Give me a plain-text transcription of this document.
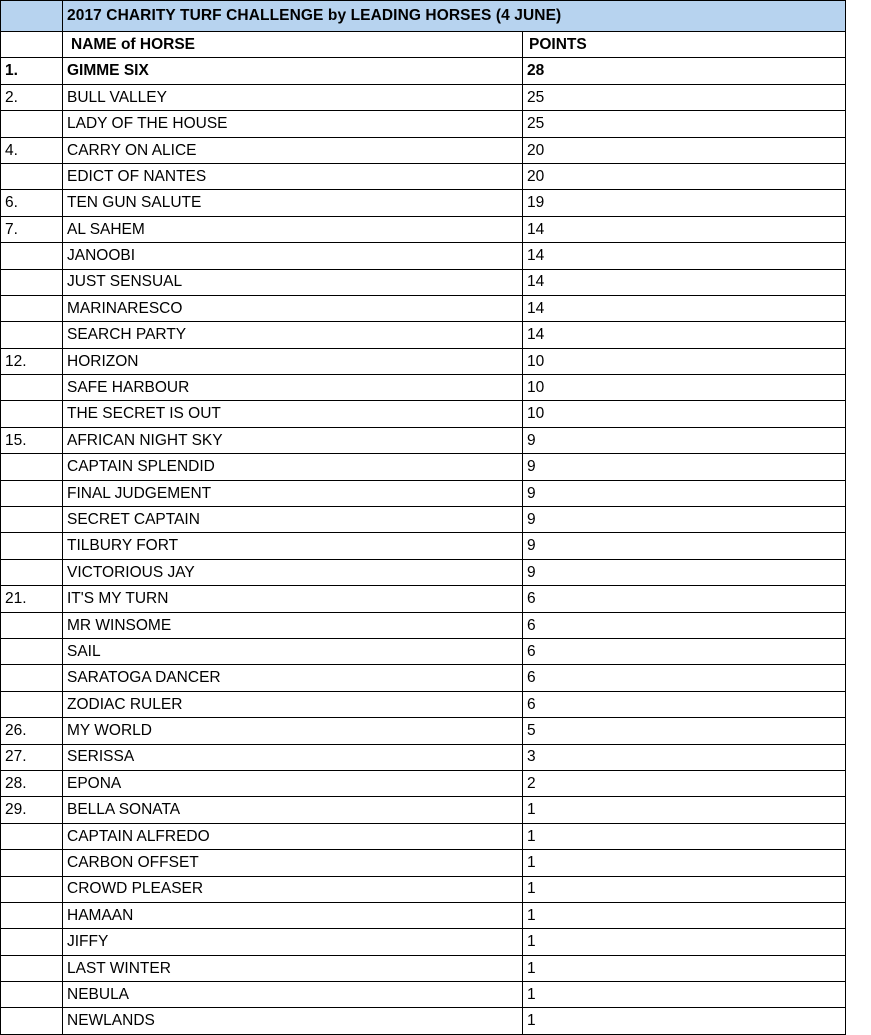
	2017 CHARITY TURF CHALLENGE by LEADING HORSES (4 JUNE)	
	NAME of HORSE	POINTS
1.	GIMME SIX	28
2.	BULL VALLEY	25
	LADY OF THE HOUSE	25
4.	CARRY ON ALICE	20
	EDICT OF NANTES	20
6.	TEN GUN SALUTE	19
7.	AL SAHEM	14
	JANOOBI	14
	JUST SENSUAL	14
	MARINARESCO	14
	SEARCH PARTY	14
12.	HORIZON	10
	SAFE HARBOUR	10
	THE SECRET IS OUT	10
15.	AFRICAN NIGHT SKY	9
	CAPTAIN SPLENDID	9
	FINAL JUDGEMENT	9
	SECRET CAPTAIN	9
	TILBURY FORT	9
	VICTORIOUS JAY	9
21.	IT'S MY TURN	6
	MR WINSOME	6
	SAIL	6
	SARATOGA DANCER	6
	ZODIAC RULER	6
26.	MY WORLD	5
27.	SERISSA	3
28.	EPONA	2
29.	BELLA SONATA	1
	CAPTAIN ALFREDO	1
	CARBON OFFSET	1
	CROWD PLEASER	1
	HAMAAN	1
	JIFFY	1
	LAST WINTER	1
	NEBULA	1
	NEWLANDS	1
